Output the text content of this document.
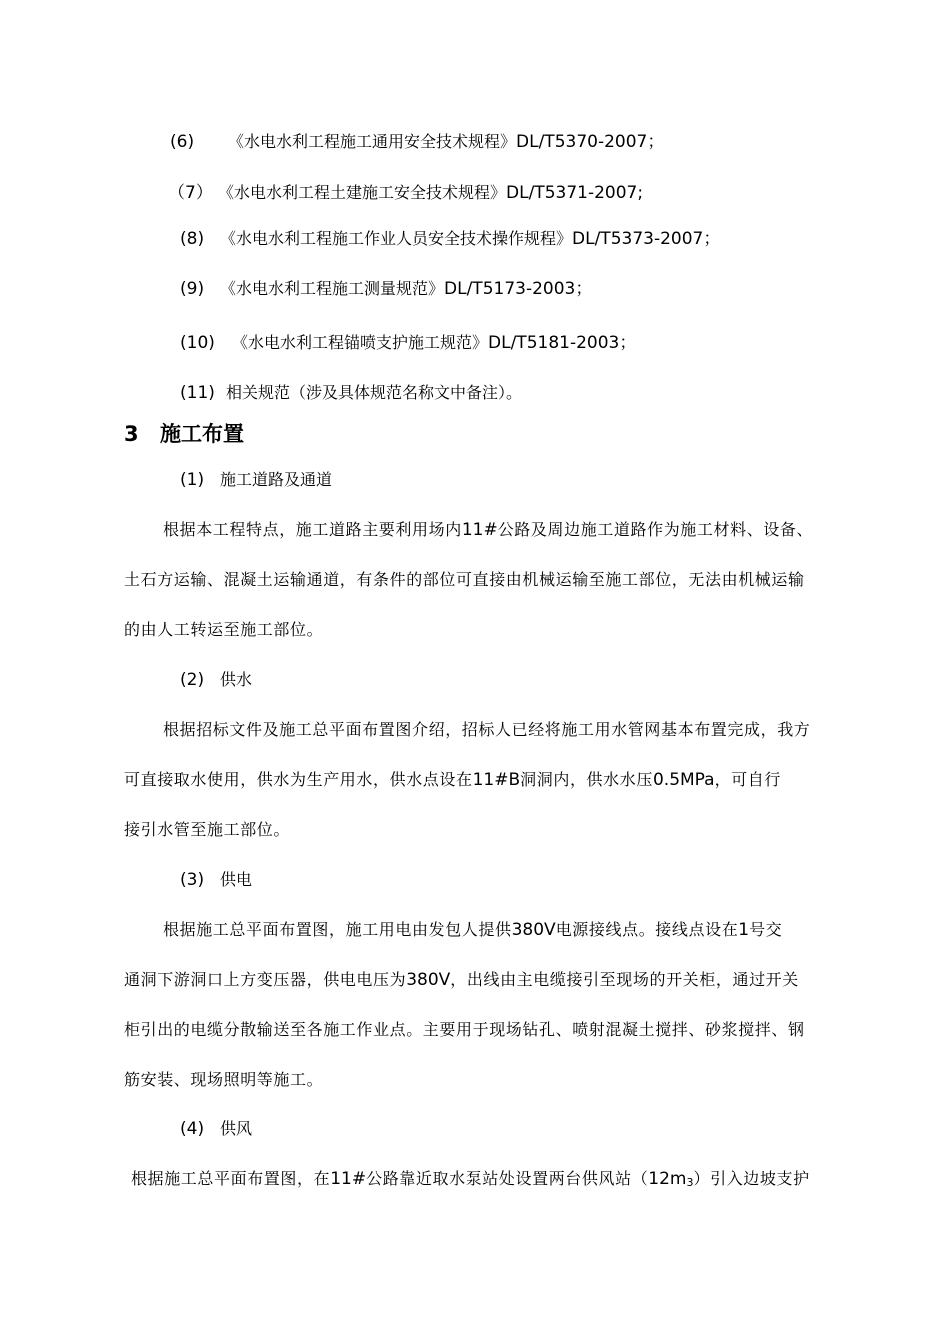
(6) 《水电水利工程施工通用安全技术规程》DL/T5370-2007；
（7） 《水电水利工程土建施工安全技术规程》DL/T5371-2007;
(8) 《水电水利工程施工作业人员安全技术操作规程》DL/T5373-2007；
(9) 《水电水利工程施工测量规范》DL/T5173-2003；
(10) 《水电水利工程锚喷支护施工规范》DL/T5181-2003；
(11) 相关规范（涉及具体规范名称文中备注）。
3 施工布置
(1) 施工道路及通道
根据本工程特点，施工道路主要利用场内11#公路及周边施工道路作为施工材料、设备、
土石方运输、混凝土运输通道，有条件的部位可直接由机械运输至施工部位，无法由机械运输
的由人工转运至施工部位。
(2) 供水
根据招标文件及施工总平面布置图介绍，招标人已经将施工用水管网基本布置完成，我方
可直接取水使用，供水为生产用水，供水点设在11#B洞洞内，供水水压0.5MPa，可自行
接引水管至施工部位。
(3) 供电
根据施工总平面布置图，施工用电由发包人提供380V电源接线点。接线点设在1号交
通洞下游洞口上方变压器，供电电压为380V，出线由主电缆接引至现场的开关柜，通过开关
柜引出的电缆分散输送至各施工作业点。主要用于现场钻孔、喷射混凝土搅拌、砂浆搅拌、钢
筋安装、现场照明等施工。
(4) 供风
根据施工总平面布置图，在11#公路靠近取水泵站处设置两台供风站（12m3）引入边坡支护
